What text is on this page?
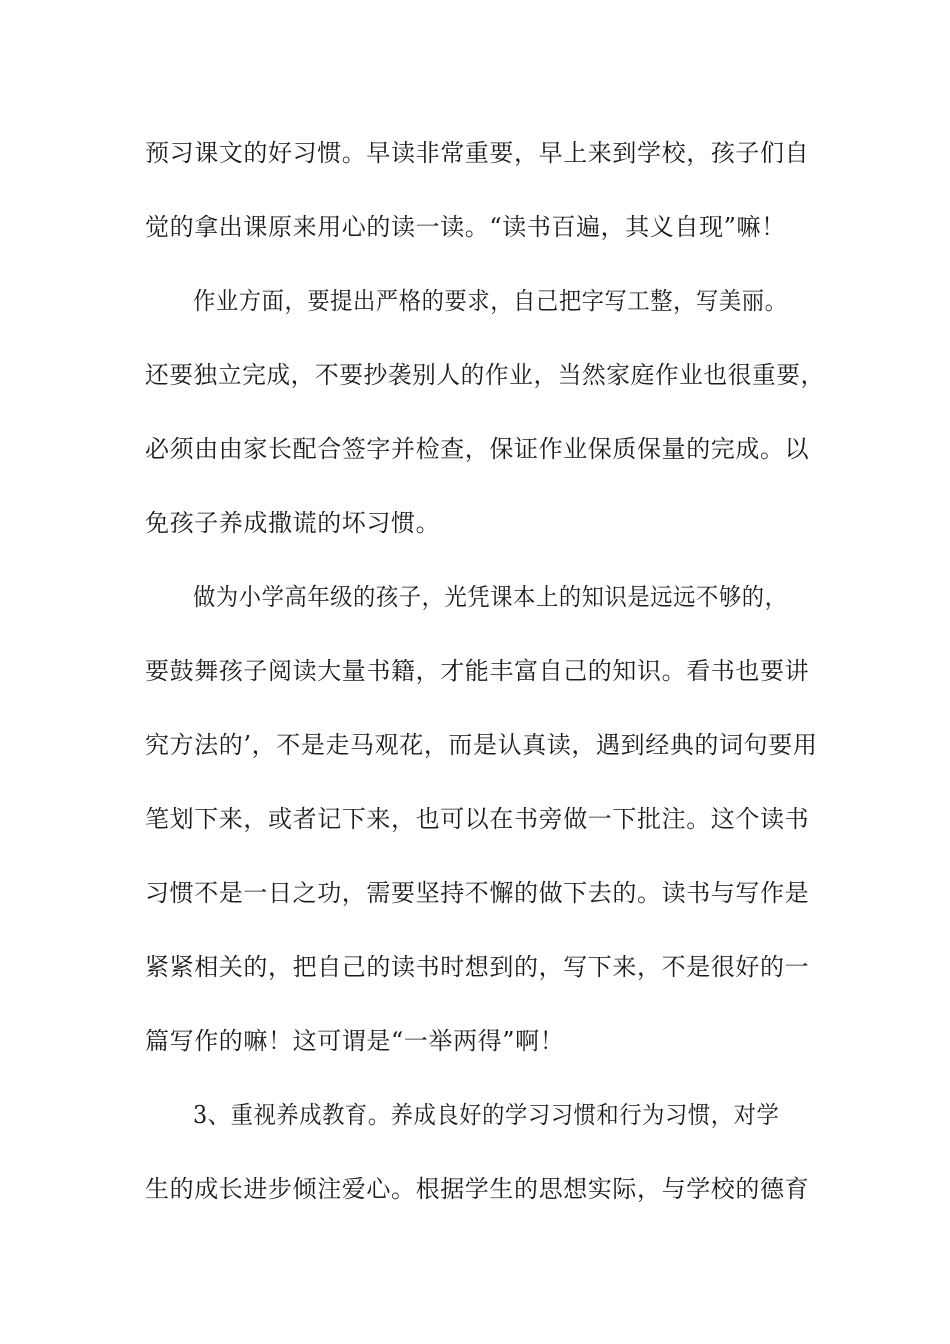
预习课文的好习惯。早读非常重要，早上来到学校，孩子们自
觉的拿出课原来用心的读一读。“读书百遍，其义自现”嘛！
作业方面，要提出严格的要求，自己把字写工整，写美丽。
还要独立完成，不要抄袭别人的作业，当然家庭作业也很重要，
必须由由家长配合签字并检查，保证作业保质保量的完成。以
免孩子养成撒谎的坏习惯。
做为小学高年级的孩子，光凭课本上的知识是远远不够的，
要鼓舞孩子阅读大量书籍，才能丰富自己的知识。看书也要讲
究方法的’，不是走马观花，而是认真读，遇到经典的词句要用
笔划下来，或者记下来，也可以在书旁做一下批注。这个读书
习惯不是一日之功，需要坚持不懈的做下去的。读书与写作是
紧紧相关的，把自己的读书时想到的，写下来，不是很好的一
篇写作的嘛！这可谓是“一举两得”啊！
3、重视养成教育。养成良好的学习习惯和行为习惯，对学
生的成长进步倾注爱心。根据学生的思想实际，与学校的德育
